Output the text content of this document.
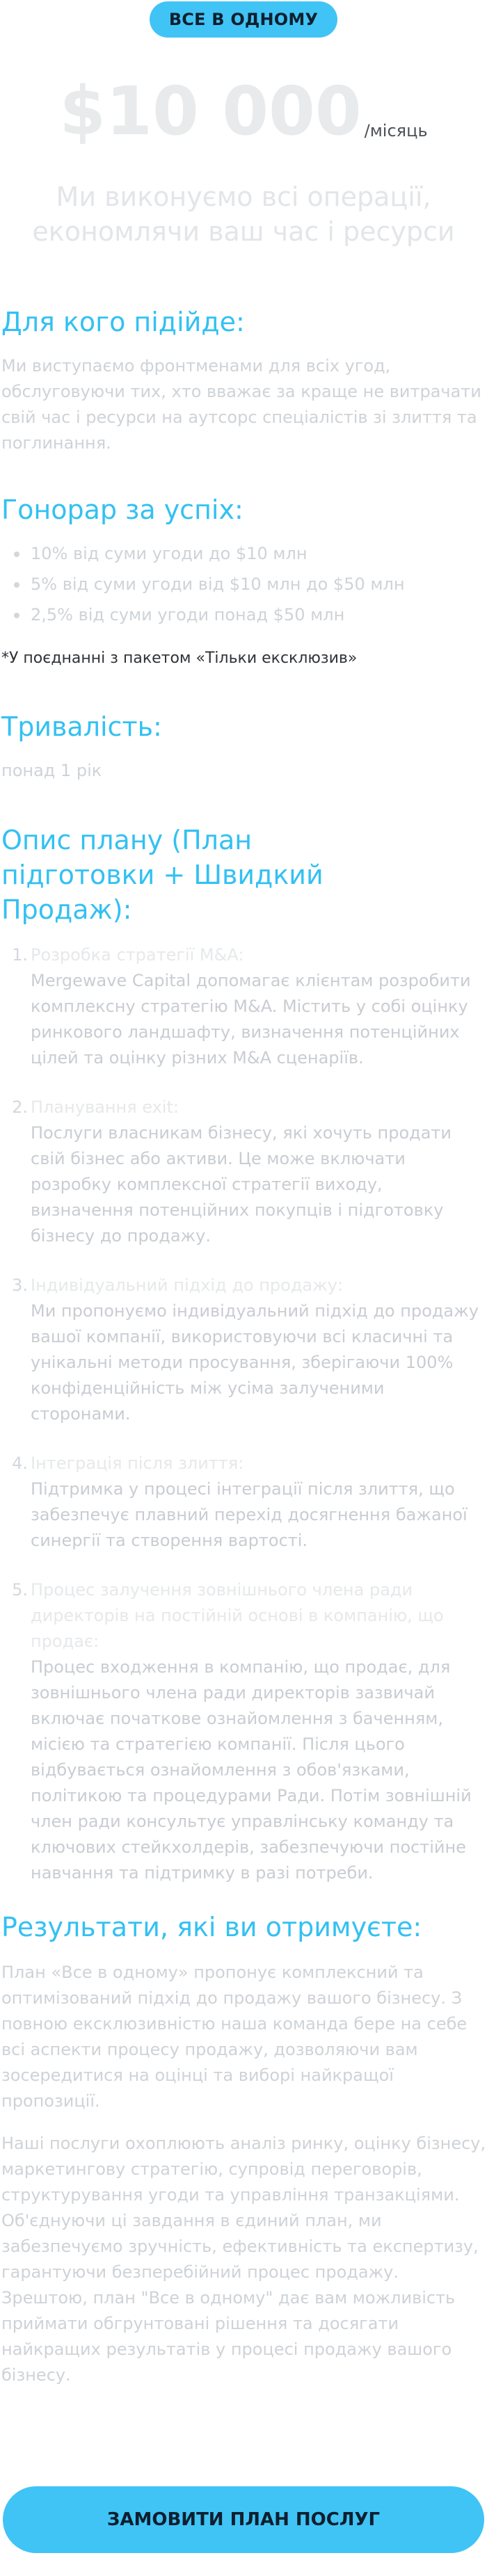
ВСЕ В ОДНОМУ
$10 000 /місяць
Ми виконуємо всі операції, економлячи ваш час і ресурси
Для кого підійде:

Ми виступаємо фронтменами для всіх угод, обслуговуючи тих, хто вважає за краще не витрачати свій час і ресурси на аутсорс спеціалістів зі злиття та поглинання.

Гонорар за успіх:
10% від суми угоди до $10 млн
5% від суми угоди від $10 млн до $50 млн
2,5% від суми угоди понад $50 млн

*У поєднанні з пакетом «Тільки ексклюзив»

Тривалість:

понад 1 рік

Опис плану (План підготовки + Швидкий Продаж):
1. Розробка стратегії M&A:
Mergewave Capital допомагає клієнтам розробити комплексну стратегію M&A. Містить у собі оцінку ринкового ландшафту, визначення потенційних цілей та оцінку різних M&A сценаріїв.
2. Планування exit:
Послуги власникам бізнесу, які хочуть продати свій бізнес або активи. Це може включати розробку комплексної стратегії виходу, визначення потенційних покупців і підготовку бізнесу до продажу.
3. Індивідуальний підхід до продажу:
Ми пропонуємо індивідуальний підхід до продажу вашої компанії, використовуючи всі класичні та унікальні методи просування, зберігаючи 100% конфіденційність між усіма залученими сторонами.
4. Інтеграція після злиття:
Підтримка у процесі інтеграції після злиття, що забезпечує плавний перехід досягнення бажаної синергії та створення вартості.
5. Процес залучення зовнішнього члена ради директорів на постійній основі в компанію, що продає:
Процес входження в компанію, що продає, для зовнішнього члена ради директорів зазвичай включає початкове ознайомлення з баченням, місією та стратегією компанії. Після цього відбувається ознайомлення з обов'язками, політикою та процедурами Ради. Потім зовнішній член ради консультує управлінську команду та ключових стейкхолдерів, забезпечуючи постійне навчання та підтримку в разі потреби.
Результати, які ви отримуєте:

План «Все в одному» пропонує комплексний та оптимізований підхід до продажу вашого бізнесу. З повною ексклюзивністю наша команда бере на себе всі аспекти процесу продажу, дозволяючи вам зосередитися на оцінці та виборі найкращої пропозиції.

Наші послуги охоплюють аналіз ринку, оцінку бізнесу, маркетингову стратегію, супровід переговорів, структурування угоди та управління транзакціями. Об'єднуючи ці завдання в єдиний план, ми забезпечуємо зручність, ефективність та експертизу, гарантуючи безперебійний процес продажу. Зрештою, план "Все в одному" дає вам можливість приймати обгрунтовані рішення та досягати найкращих результатів у процесі продажу вашого бізнесу.

ЗАМОВИТИ ПЛАН ПОСЛУГ
